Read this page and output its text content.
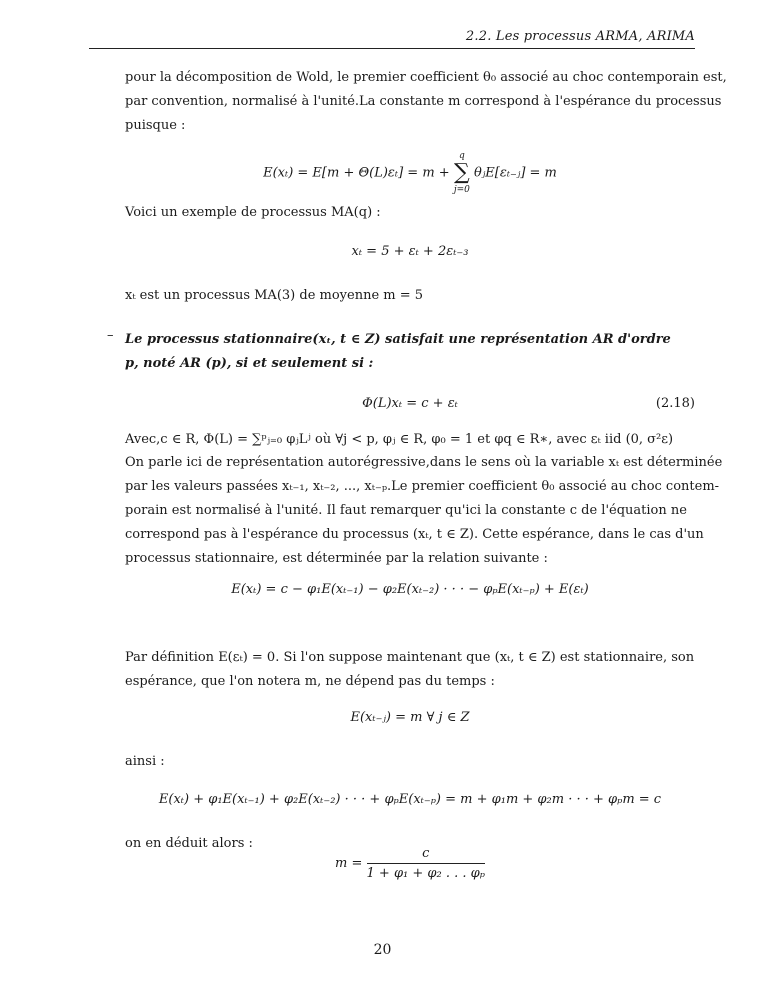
2.2. Les processus ARMA, ARIMA
pour la décomposition de Wold, le premier coefficient θ₀ associé au choc contemporain est,
par convention, normalisé à l'unité.La constante m correspond à l'espérance du processus
puisque :
E(xₜ) = E[m + Θ(L)εₜ] = m +
q
∑
j=0
θⱼE[εₜ₋ⱼ] = m
Voici un exemple de processus MA(q) :
xₜ = 5 + εₜ + 2εₜ₋₃
xₜ est un processus MA(3) de moyenne m = 5
– Le processus stationnaire(xₜ, t ∈ Z) satisfait une représentation AR d'ordre
p, noté AR (p), si et seulement si :
Φ(L)xₜ = c + εₜ	(2.18)
Avec,c ∈ R, Φ(L) = ∑ᵖⱼ₌₀ φⱼLʲ où ∀j < p, φⱼ ∈ R, φ₀ = 1 et φq ∈ R∗, avec εₜ iid (0, σ²ε)
On parle ici de représentation autorégressive,dans le sens où la variable xₜ est déterminée
par les valeurs passées xₜ₋₁, xₜ₋₂, ..., xₜ₋ₚ.Le premier coefficient θ₀ associé au choc contem-
porain est normalisé à l'unité. Il faut remarquer qu'ici la constante c de l'équation ne
correspond pas à l'espérance du processus (xₜ, t ∈ Z). Cette espérance, dans le cas d'un
processus stationnaire, est déterminée par la relation suivante :
E(xₜ) = c − φ₁E(xₜ₋₁) − φ₂E(xₜ₋₂) · · · − φₚE(xₜ₋ₚ) + E(εₜ)
Par définition E(εₜ) = 0. Si l'on suppose maintenant que (xₜ, t ∈ Z) est stationnaire, son
espérance, que l'on notera m, ne dépend pas du temps :
E(xₜ₋ⱼ) = m ∀ j ∈ Z
ainsi :
E(xₜ) + φ₁E(xₜ₋₁) + φ₂E(xₜ₋₂) · · · + φₚE(xₜ₋ₚ) = m + φ₁m + φ₂m · · · + φₚm = c
on en déduit alors :
$m = \frac{c}{\text{1 + φ₁ + φ₂ . . . φₚ}}$
20
